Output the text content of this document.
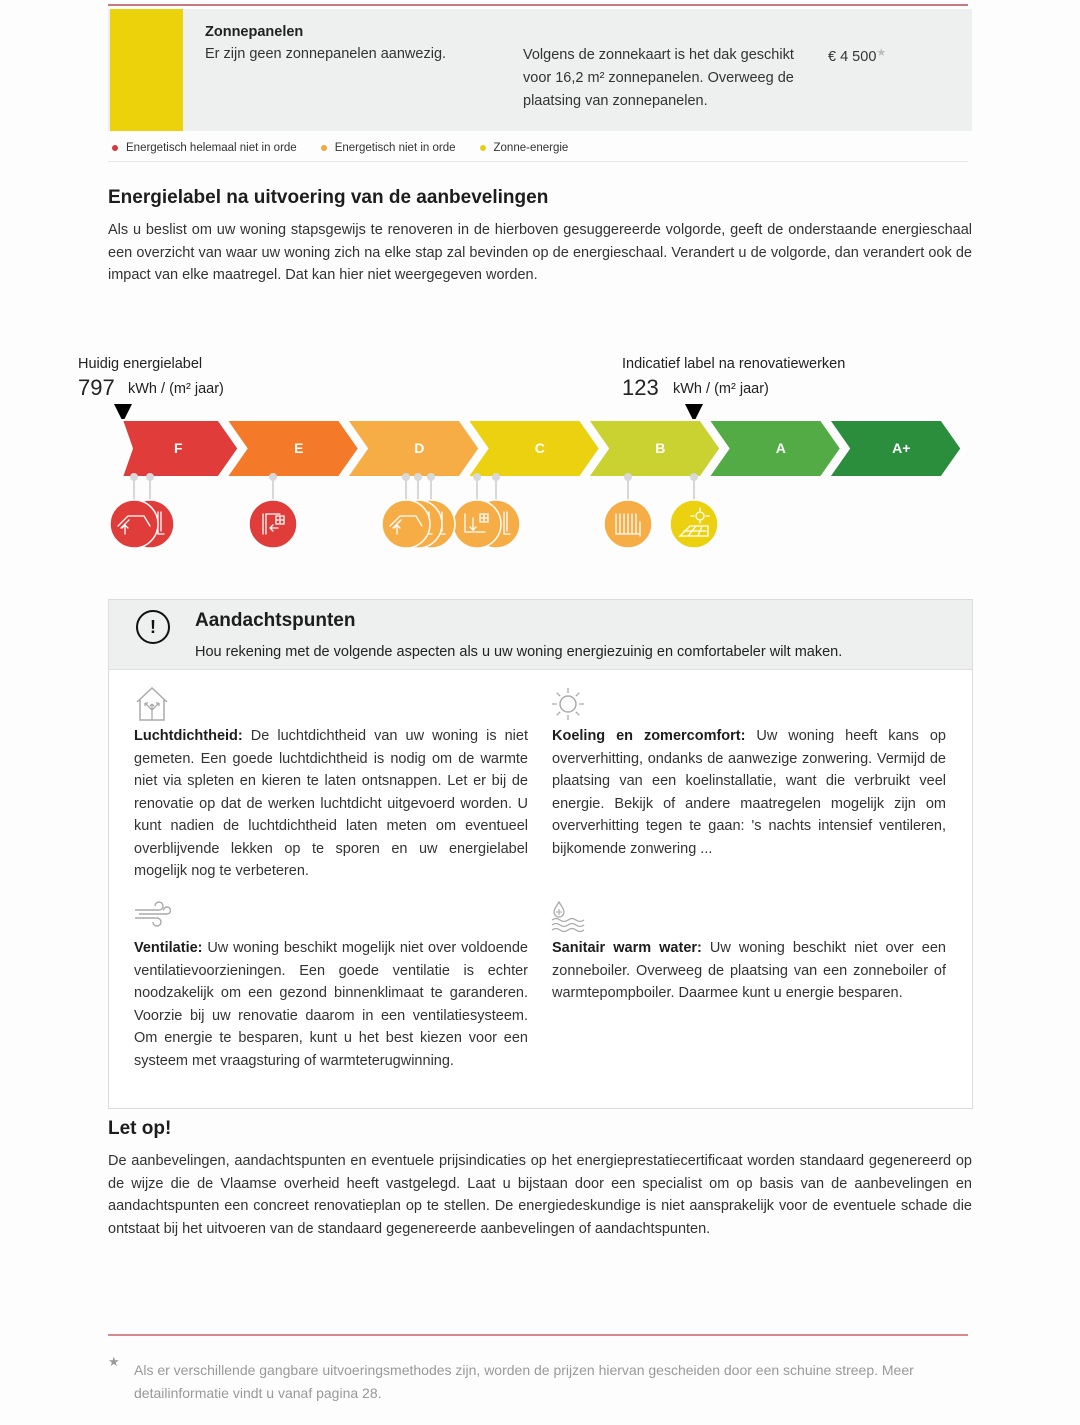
Zonnepanelen
Er zijn geen zonnepanelen aanwezig.	Volgens de zonnekaart is het dak geschikt voor 16,2 m² zonnepanelen. Overweeg de plaatsing van zonnepanelen.
€ 4 500★
Energetisch helemaal niet in orde	Energetisch niet in orde	Zonne-energie
Energielabel na uitvoering van de aanbevelingen
Als u beslist om uw woning stapsgewijs te renoveren in de hierboven gesuggereerde volgorde, geeft de onderstaande energieschaal een overzicht van waar uw woning zich na elke stap zal bevinden op de energieschaal. Verandert u de volgorde, dan verandert ook de impact van elke maatregel. Dat kan hier niet weergegeven worden.
Huidig energielabel
797 kWh / (m² jaar)
Indicatief label na renovatiewerken
123 kWh / (m² jaar)
F	E	D	C	B	A	A+
!	Aandachtspunten
Hou rekening met de volgende aspecten als u uw woning energiezuinig en comfortabeler wilt maken.
Luchtdichtheid: De luchtdichtheid van uw woning is niet gemeten. Een goede luchtdichtheid is nodig om de warmte niet via spleten en kieren te laten ontsnappen. Let er bij de renovatie op dat de werken luchtdicht uitgevoerd worden. U kunt nadien de luchtdichtheid laten meten om eventueel overblijvende lekken op te sporen en uw energielabel mogelijk nog te verbeteren.
Koeling en zomercomfort: Uw woning heeft kans op oververhitting, ondanks de aanwezige zonwering. Vermijd de plaatsing van een koelinstallatie, want die verbruikt veel energie. Bekijk of andere maatregelen mogelijk zijn om oververhitting tegen te gaan: 's nachts intensief ventileren, bijkomende zonwering ...
Ventilatie: Uw woning beschikt mogelijk niet over voldoende ventilatievoorzieningen. Een goede ventilatie is echter noodzakelijk om een gezond binnenklimaat te garanderen. Voorzie bij uw renovatie daarom in een ventilatiesysteem. Om energie te besparen, kunt u het best kiezen voor een systeem met vraagsturing of warmteterugwinning.
Sanitair warm water: Uw woning beschikt niet over een zonneboiler. Overweeg de plaatsing van een zonneboiler of warmtepompboiler. Daarmee kunt u energie besparen.
Let op!
De aanbevelingen, aandachtspunten en eventuele prijsindicaties op het energieprestatiecertificaat worden standaard gegenereerd op de wijze die de Vlaamse overheid heeft vastgelegd. Laat u bijstaan door een specialist om op basis van de aanbevelingen en aandachtspunten een concreet renovatieplan op te stellen. De energiedeskundige is niet aansprakelijk voor de eventuele schade die ontstaat bij het uitvoeren van de standaard gegenereerde aanbevelingen of aandachtspunten.
★
Als er verschillende gangbare uitvoeringsmethodes zijn, worden de prijzen hiervan gescheiden door een schuine streep. Meer detailinformatie vindt u vanaf pagina 28.
